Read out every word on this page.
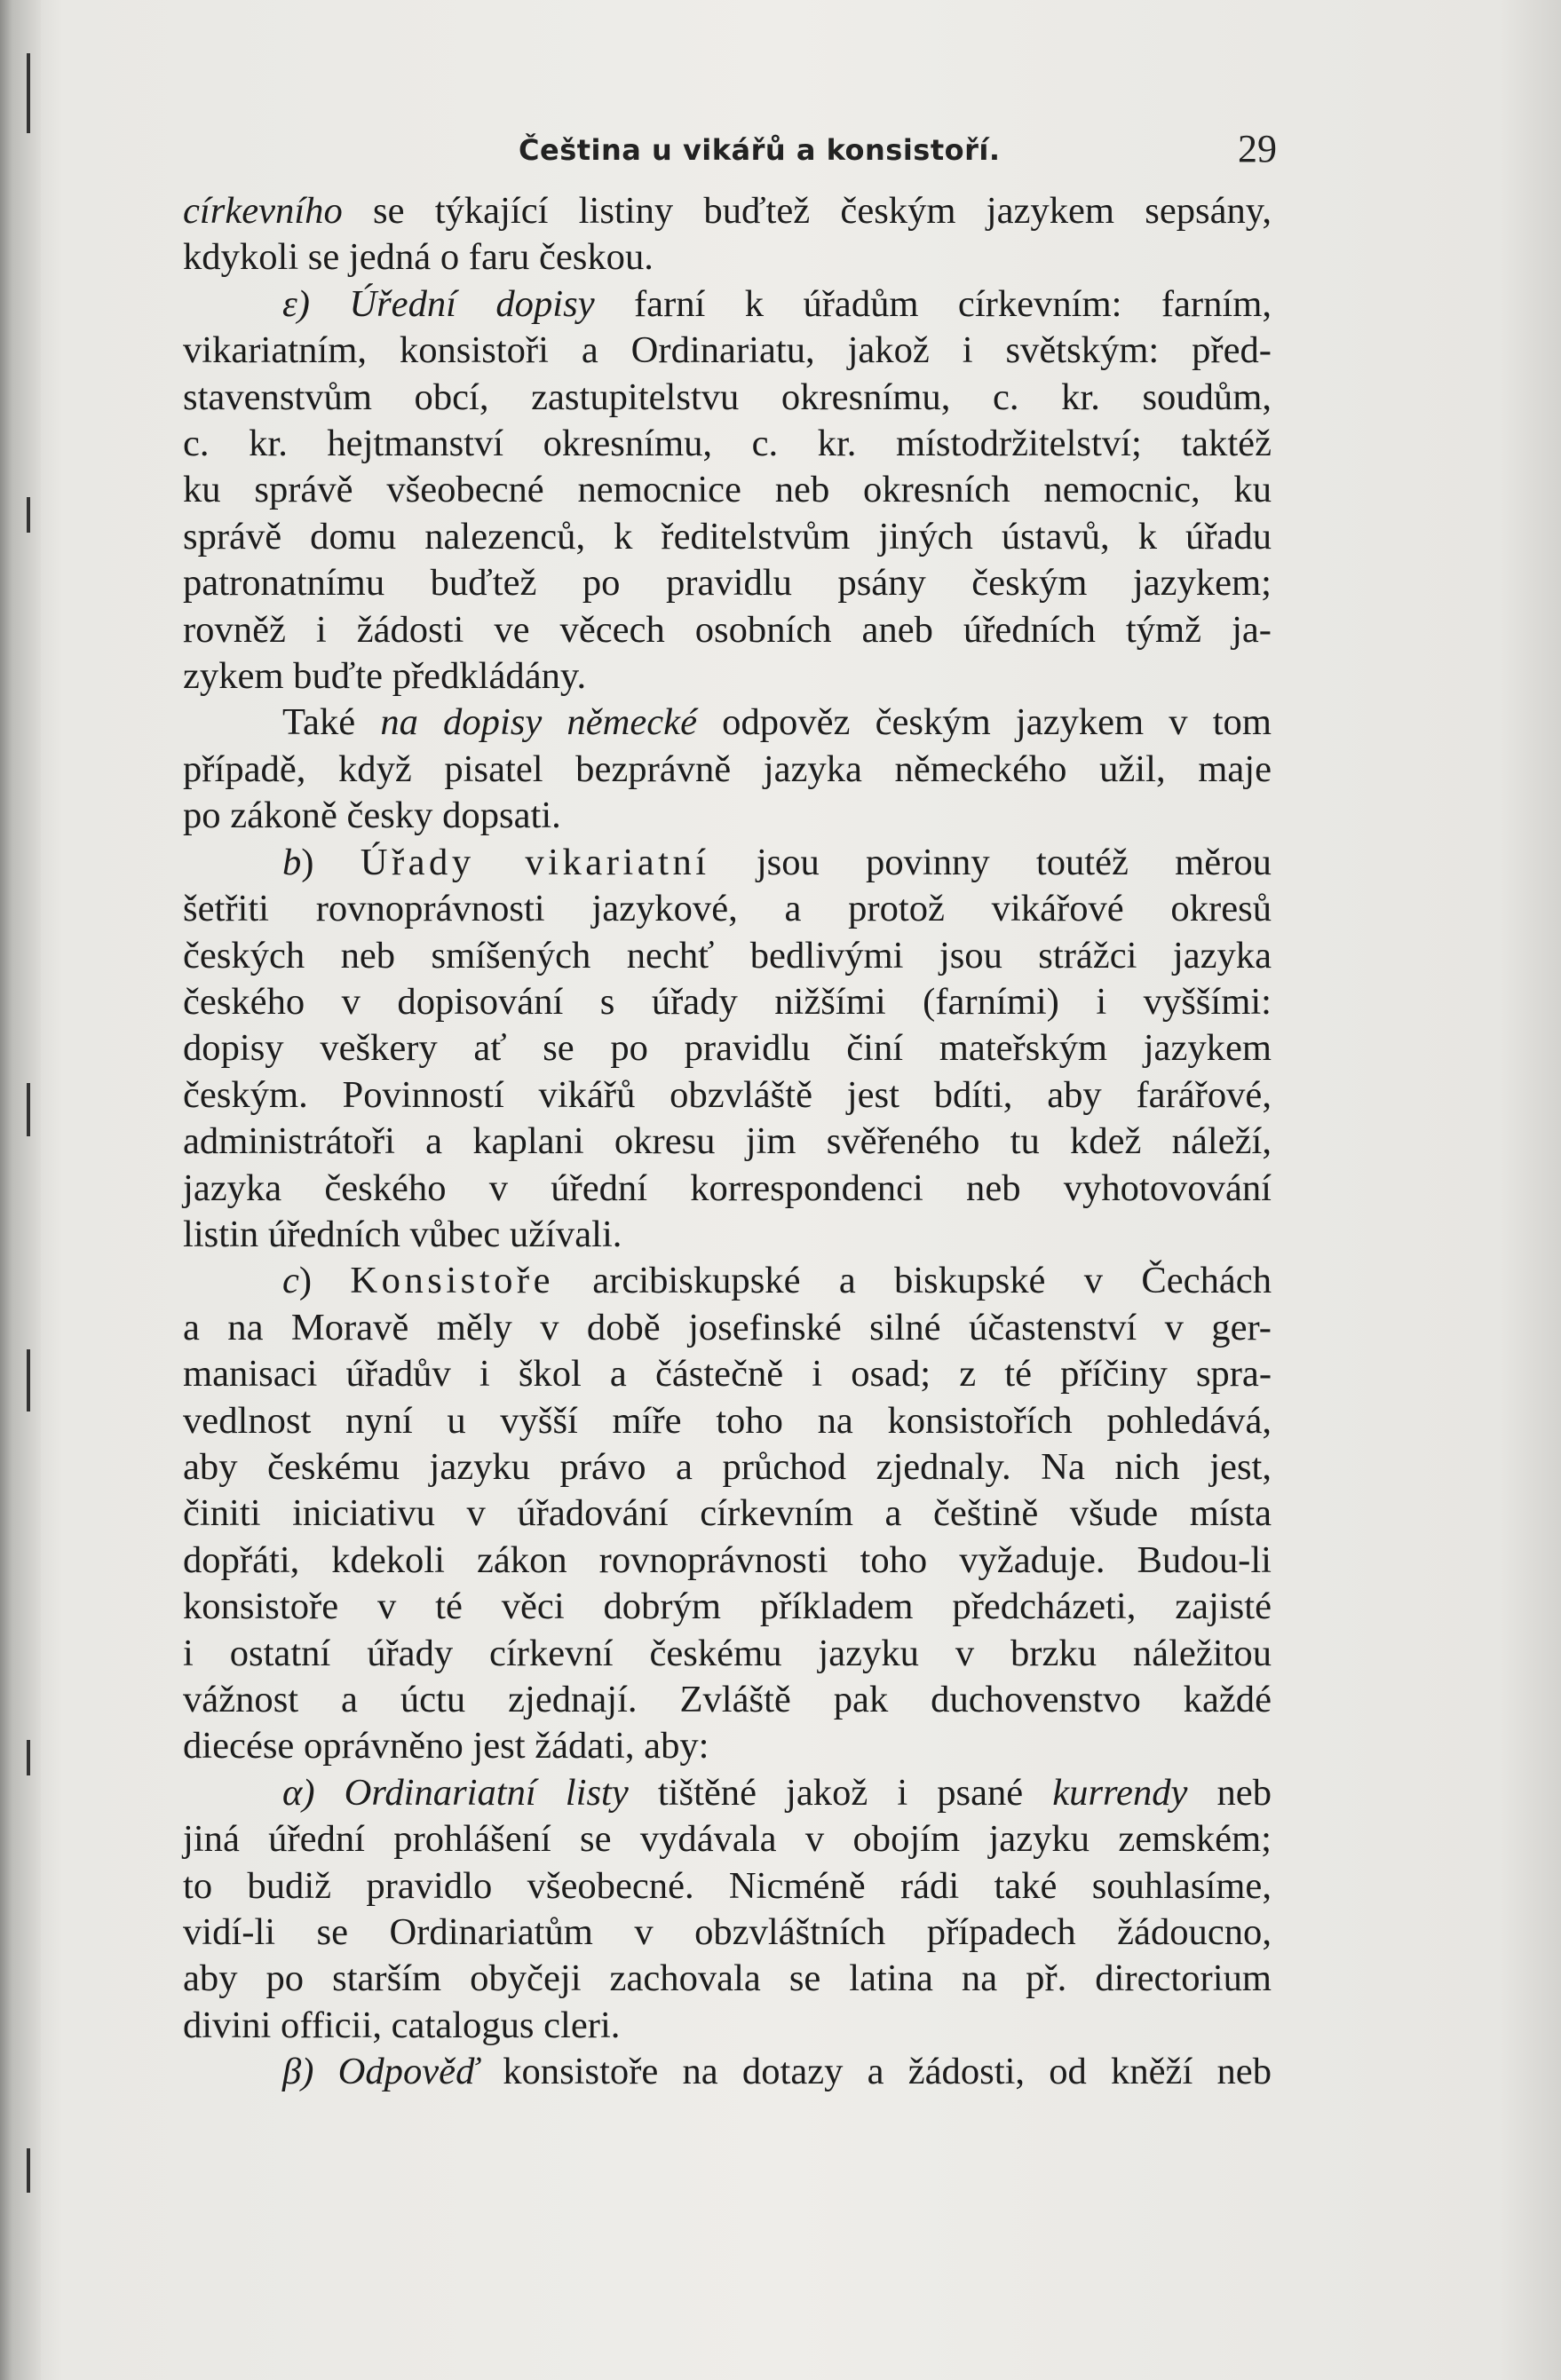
Čeština u vikářů a konsistoří.	29
církevního se týkající listiny buďtež českým jazykem sepsány,
kdykoli se jedná o faru českou.
ε) Úřední dopisy farní k úřadům církevním: farním,
vikariatním, konsistoři a Ordinariatu, jakož i světským: před-
stavenstvům obcí, zastupitelstvu okresnímu, c. kr. soudům,
c. kr. hejtmanství okresnímu, c. kr. místodržitelství; taktéž
ku správě všeobecné nemocnice neb okresních nemocnic, ku
správě domu nalezenců, k ředitelstvům jiných ústavů, k úřadu
patronatnímu buďtež po pravidlu psány českým jazykem;
rovněž i žádosti ve věcech osobních aneb úředních týmž ja-
zykem buďte předkládány.
Také na dopisy německé odpověz českým jazykem v tom
případě, když pisatel bezprávně jazyka německého užil, maje
po zákoně česky dopsati.
b) Úřady vikariatní jsou povinny toutéž měrou
šetřiti rovnoprávnosti jazykové, a protož vikářové okresů
českých neb smíšených nechť bedlivými jsou strážci jazyka
českého v dopisování s úřady nižšími (farními) i vyššími:
dopisy veškery ať se po pravidlu činí mateřským jazykem
českým. Povinností vikářů obzvláště jest bdíti, aby farářové,
administrátoři a kaplani okresu jim svěřeného tu kdež náleží,
jazyka českého v úřední korrespondenci neb vyhotovování
listin úředních vůbec užívali.
c) Konsistoře arcibiskupské a biskupské v Čechách
a na Moravě měly v době josefinské silné účastenství v ger-
manisaci úřadův i škol a částečně i osad; z té příčiny spra-
vedlnost nyní u vyšší míře toho na konsistořích pohledává,
aby českému jazyku právo a průchod zjednaly. Na nich jest,
činiti iniciativu v úřadování církevním a češtině všude místa
dopřáti, kdekoli zákon rovnoprávnosti toho vyžaduje. Budou-li
konsistoře v té věci dobrým příkladem předcházeti, zajisté
i ostatní úřady církevní českému jazyku v brzku náležitou
vážnost a úctu zjednají. Zvláště pak duchovenstvo každé
diecése oprávněno jest žádati, aby:
α) Ordinariatní listy tištěné jakož i psané kurrendy neb
jiná úřední prohlášení se vydávala v obojím jazyku zemském;
to budiž pravidlo všeobecné. Nicméně rádi také souhlasíme,
vidí-li se Ordinariatům v obzvláštních případech žádoucno,
aby po starším obyčeji zachovala se latina na př. directorium
divini officii, catalogus cleri.
β) Odpověď konsistoře na dotazy a žádosti, od kněží neb
